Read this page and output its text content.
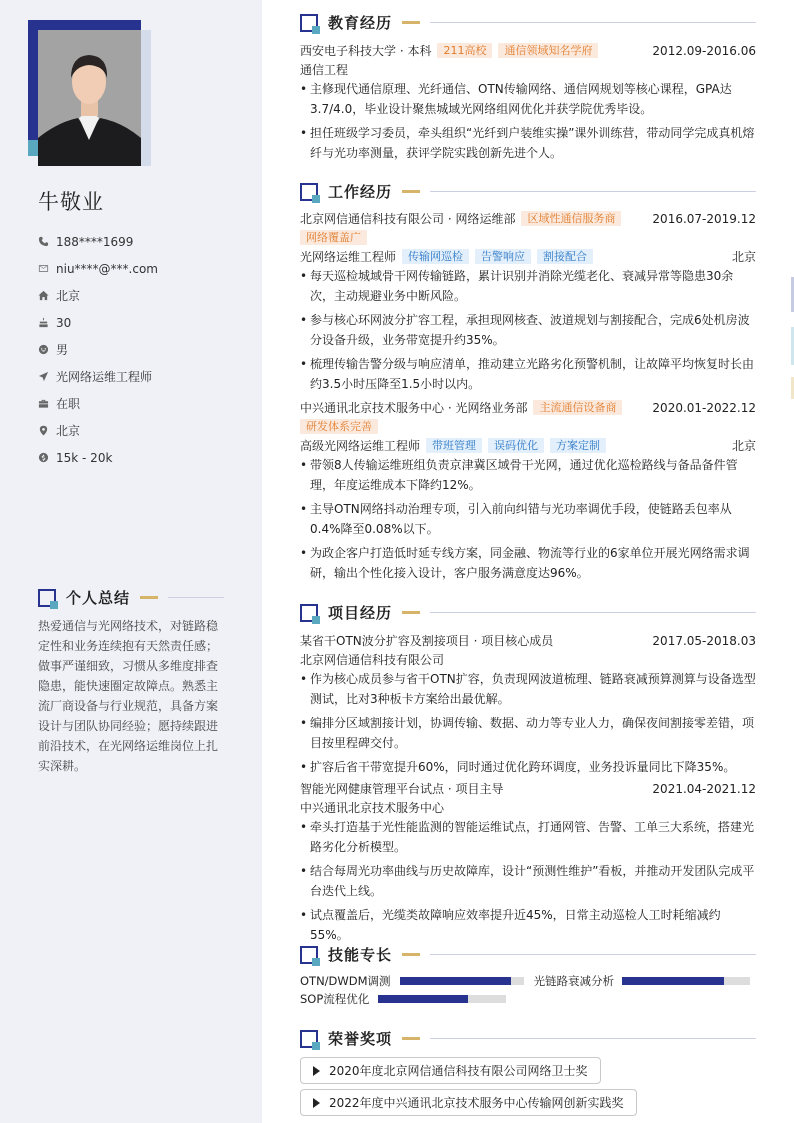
牛敬业
188****1699
niu****@***.com
北京
30
男
光网络运维工程师
在职
北京
15k - 20k
个人总结

热爱通信与光网络技术，对链路稳定性和业务连续抱有天然责任感；做事严谨细致，习惯从多维度排查隐患，能快速圈定故障点。熟悉主流厂商设备与行业规范，具备方案设计与团队协同经验；愿持续跟进前沿技术，在光网络运维岗位上扎实深耕。

教育经历
西安电子科技大学 · 本科	211高校	通信领域知名学府	2012.09-2016.06
通信工程
• 主修现代通信原理、光纤通信、OTN传输网络、通信网规划等核心课程，GPA达3.7/4.0，毕业设计聚焦城域光网络组网优化并获学院优秀毕设。
• 担任班级学习委员，牵头组织“光纤到户装维实操”课外训练营，带动同学完成真机熔纤与光功率测量，获评学院实践创新先进个人。
工作经历
北京网信通信科技有限公司 · 网络运维部	区域性通信服务商	2016.07-2019.12
网络覆盖广
光网络运维工程师	传输网巡检	告警响应	割接配合	北京
• 每天巡检城域骨干网传输链路，累计识别并消除光缆老化、衰减异常等隐患30余次，主动规避业务中断风险。
• 参与核心环网波分扩容工程，承担现网核查、波道规划与割接配合，完成6处机房波分设备升级，业务带宽提升约35%。
• 梳理传输告警分级与响应清单，推动建立光路劣化预警机制，让故障平均恢复时长由约3.5小时压降至1.5小时以内。
中兴通讯北京技术服务中心 · 光网络业务部	主流通信设备商	2020.01-2022.12
研发体系完善
高级光网络运维工程师	带班管理	误码优化	方案定制	北京
• 带领8人传输运维班组负责京津冀区域骨干光网，通过优化巡检路线与备品备件管理，年度运维成本下降约12%。
• 主导OTN网络抖动治理专项，引入前向纠错与光功率调优手段，使链路丢包率从0.4%降至0.08%以下。
• 为政企客户打造低时延专线方案，同金融、物流等行业的6家单位开展光网络需求调研，输出个性化接入设计，客户服务满意度达96%。
项目经历
某省干OTN波分扩容及割接项目 · 项目核心成员	2017.05-2018.03
北京网信通信科技有限公司
• 作为核心成员参与省干OTN扩容，负责现网波道梳理、链路衰减预算测算与设备选型测试，比对3种板卡方案给出最优解。
• 编排分区域割接计划，协调传输、数据、动力等专业人力，确保夜间割接零差错，项目按里程碑交付。
• 扩容后省干带宽提升60%，同时通过优化跨环调度，业务投诉量同比下降35%。
智能光网健康管理平台试点 · 项目主导	2021.04-2021.12
中兴通讯北京技术服务中心
• 牵头打造基于光性能监测的智能运维试点，打通网管、告警、工单三大系统，搭建光路劣化分析模型。
• 结合每周光功率曲线与历史故障库，设计“预测性维护”看板，并推动开发团队完成平台迭代上线。
• 试点覆盖后，光缆类故障响应效率提升近45%，日常主动巡检人工时耗缩减约55%。
技能专长
OTN/DWDM调测	光链路衰减分析
SOP流程优化
荣誉奖项
2020年度北京网信通信科技有限公司网络卫士奖
2022年度中兴通讯北京技术服务中心传输网创新实践奖
